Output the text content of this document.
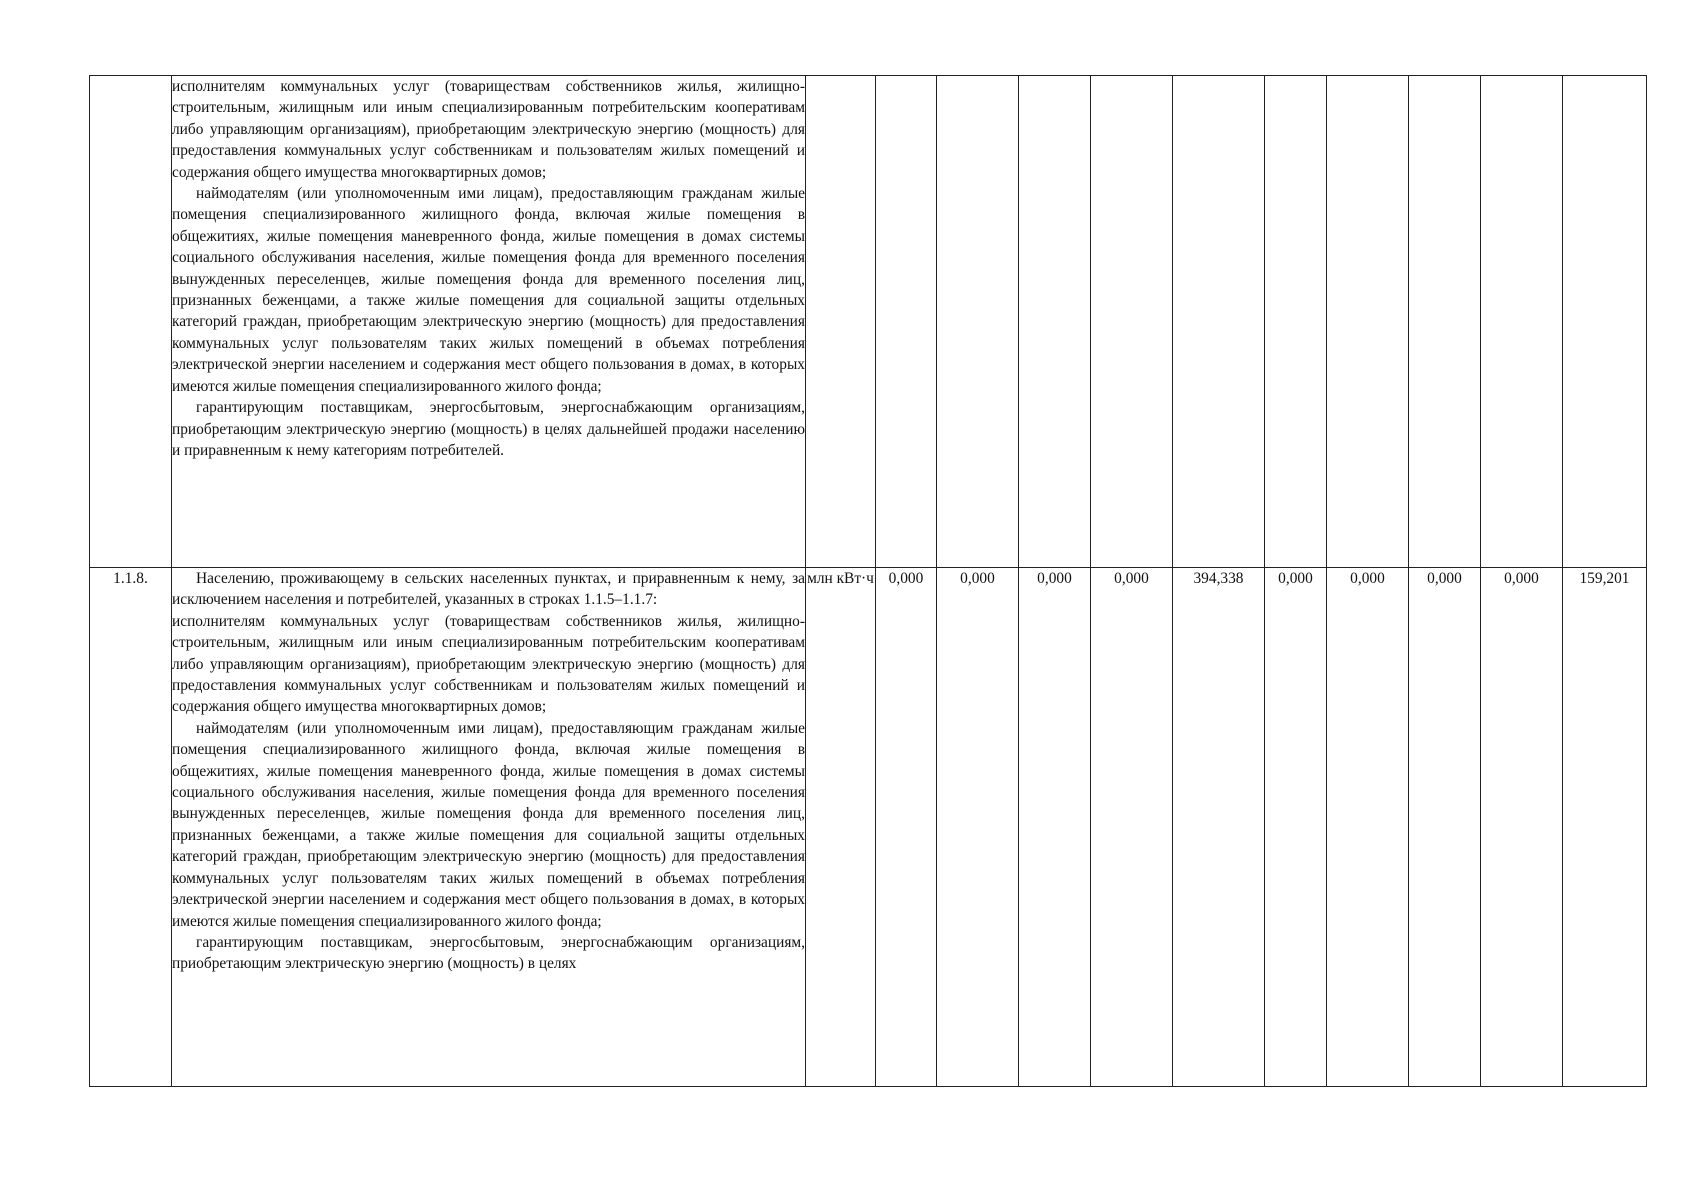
	исполнителям коммунальных услуг (товариществам собственников жилья, жилищно-строительным, жилищным или иным специализированным потребительским кооперативам либо управляющим организациям), приобретающим электрическую энергию (мощность) для предоставления коммунальных услуг собственникам и пользователям жилых помещений и содержания общего имущества многоквартирных домов;

наймодателям (или уполномоченным ими лицам), предоставляющим гражданам жилые помещения специализированного жилищного фонда, включая жилые помещения в общежитиях, жилые помещения маневренного фонда, жилые помещения в домах системы социального обслуживания населения, жилые помещения фонда для временного поселения вынужденных переселенцев, жилые помещения фонда для временного поселения лиц, признанных беженцами, а также жилые помещения для социальной защиты отдельных категорий граждан, приобретающим электрическую энергию (мощность) для предоставления коммунальных услуг пользователям таких жилых помещений в объемах потребления электрической энергии населением и содержания мест общего пользования в домах, в которых имеются жилые помещения специализированного жилого фонда;

гарантирующим поставщикам, энергосбытовым, энергоснабжающим организациям, приобретающим электрическую энергию (мощность) в целях дальнейшей продажи населению и приравненным к нему категориям потребителей.											

1.1.8.	Населению, проживающему в сельских населенных пунктах, и приравненным к нему, за исключением населения и потребителей, указанных в строках 1.1.5–1.1.7:

исполнителям коммунальных услуг (товариществам собственников жилья, жилищно-строительным, жилищным или иным специализированным потребительским кооперативам либо управляющим организациям), приобретающим электрическую энергию (мощность) для предоставления коммунальных услуг собственникам и пользователям жилых помещений и содержания общего имущества многоквартирных домов;

наймодателям (или уполномоченным ими лицам), предоставляющим гражданам жилые помещения специализированного жилищного фонда, включая жилые помещения в общежитиях, жилые помещения маневренного фонда, жилые помещения в домах системы социального обслуживания населения, жилые помещения фонда для временного поселения вынужденных переселенцев, жилые помещения фонда для временного поселения лиц, признанных беженцами, а также жилые помещения для социальной защиты отдельных категорий граждан, приобретающим электрическую энергию (мощность) для предоставления коммунальных услуг пользователям таких жилых помещений в объемах потребления электрической энергии населением и содержания мест общего пользования в домах, в которых имеются жилые помещения специализированного жилого фонда;

гарантирующим поставщикам, энергосбытовым, энергоснабжающим организациям, приобретающим электрическую энергию (мощность) в целях	млн кВт·ч	0,000	0,000	0,000	0,000	394,338	0,000	0,000	0,000	0,000	159,201
